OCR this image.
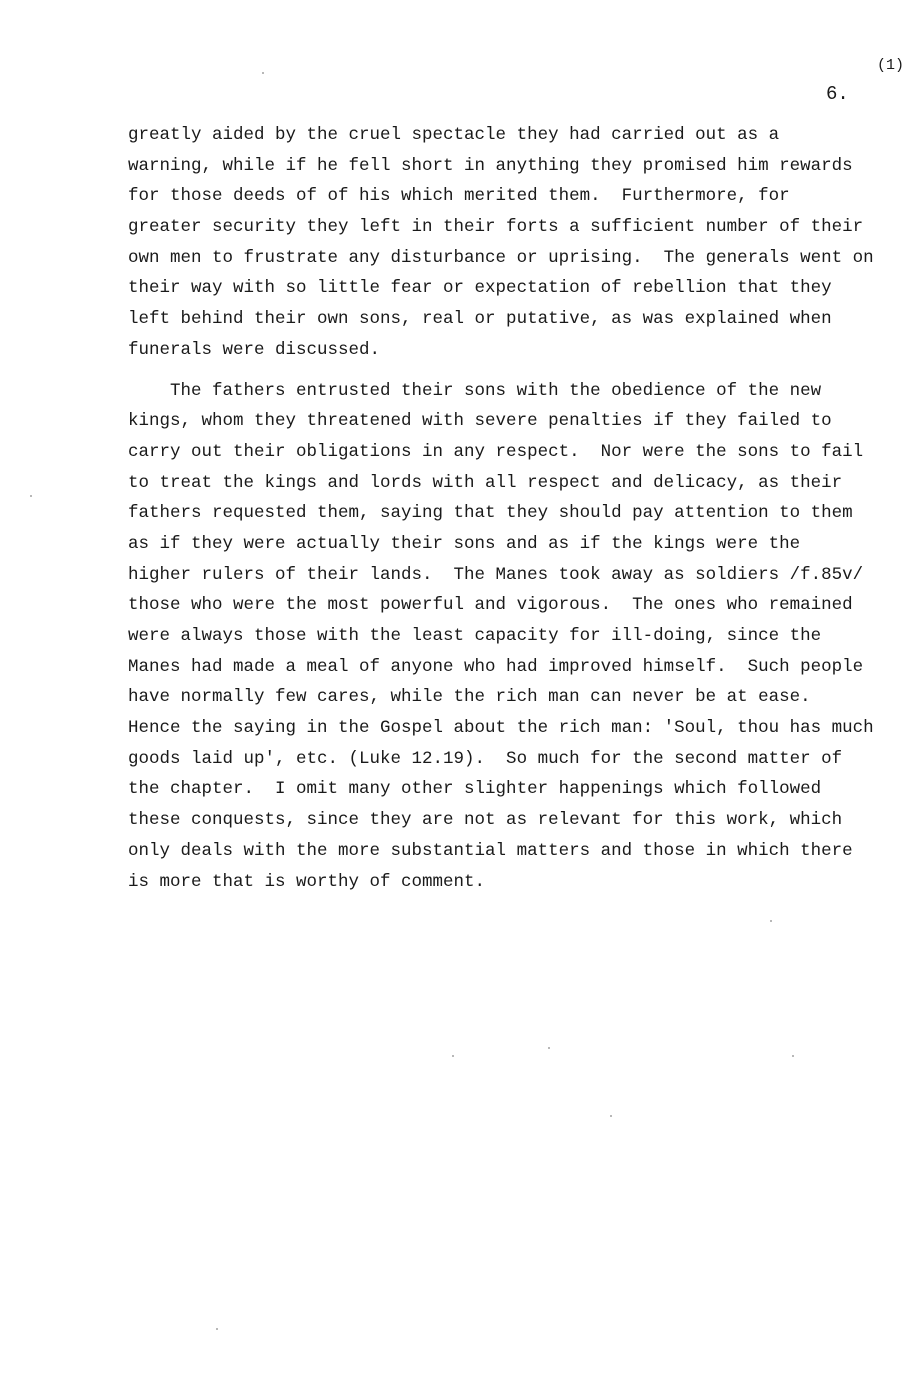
(1)
6.
greatly aided by the cruel spectacle they had carried out as a
warning, while if he fell short in anything they promised him rewards
for those deeds of of his which merited them.  Furthermore, for
greater security they left in their forts a sufficient number of their
own men to frustrate any disturbance or uprising.  The generals went on
their way with so little fear or expectation of rebellion that they
left behind their own sons, real or putative, as was explained when
funerals were discussed.
The fathers entrusted their sons with the obedience of the new
kings, whom they threatened with severe penalties if they failed to
carry out their obligations in any respect.  Nor were the sons to fail
to treat the kings and lords with all respect and delicacy, as their
fathers requested them, saying that they should pay attention to them
as if they were actually their sons and as if the kings were the
higher rulers of their lands.  The Manes took away as soldiers /f.85v/
those who were the most powerful and vigorous.  The ones who remained
were always those with the least capacity for ill-doing, since the
Manes had made a meal of anyone who had improved himself.  Such people
have normally few cares, while the rich man can never be at ease.
Hence the saying in the Gospel about the rich man: 'Soul, thou has much
goods laid up', etc. (Luke 12.19).  So much for the second matter of
the chapter.  I omit many other slighter happenings which followed
these conquests, since they are not as relevant for this work, which
only deals with the more substantial matters and those in which there
is more that is worthy of comment.
